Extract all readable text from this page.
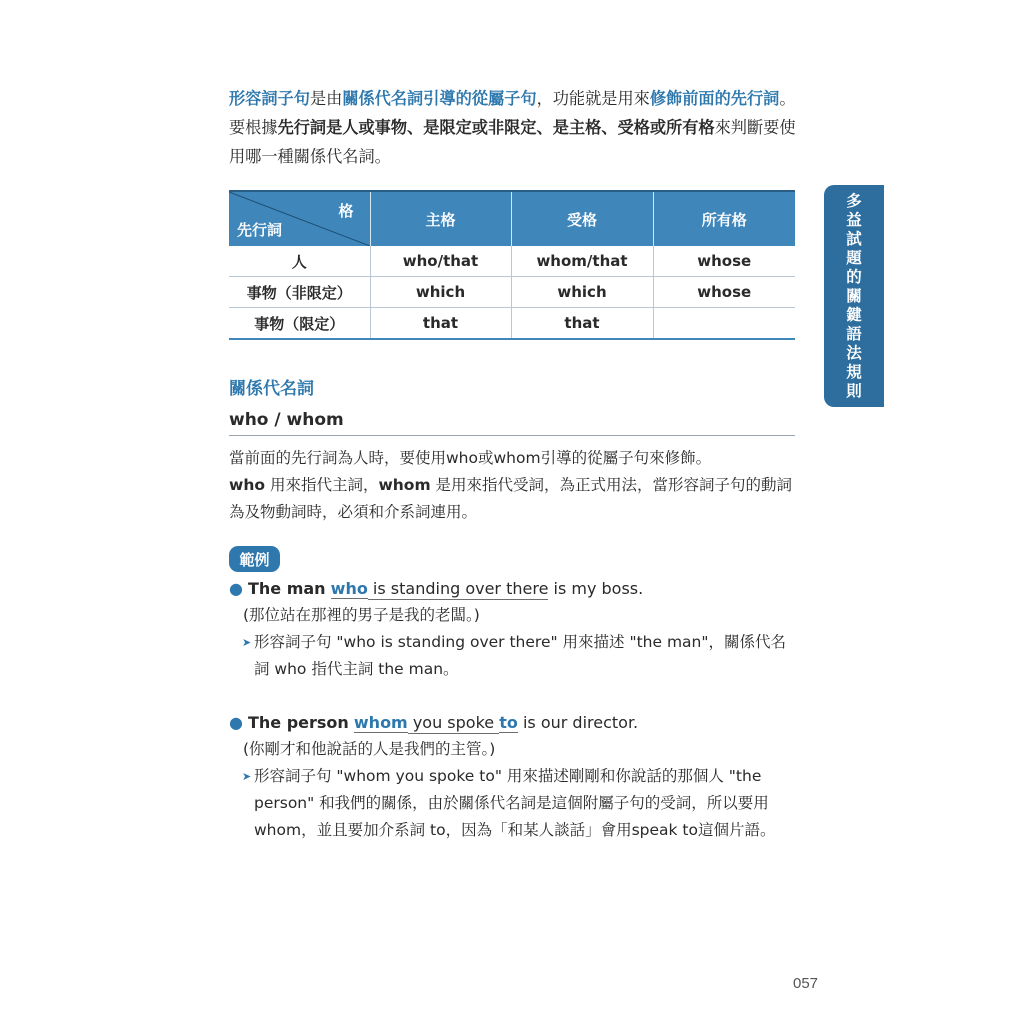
形容詞子句是由關係代名詞引導的從屬子句，功能就是用來修飾前面的先行詞。要根據先行詞是人或事物、是限定或非限定、是主格、受格或所有格來判斷要使用哪一種關係代名詞。

格
先行詞	主格	受格	所有格
人	who/that	whom/that	whose
事物（非限定）	which	which	whose
事物（限定）	that	that	
多
益
試
題
的
關
鍵
語
法
規
則
關係代名詞
who / whom

當前面的先行詞為人時，要使用who或whom引導的從屬子句來修飾。
who 用來指代主詞，whom 是用來指代受詞，為正式用法，當形容詞子句的動詞為及物動詞時，必須和介系詞連用。

範例
● The man who is standing over there is my boss.
(那位站在那裡的男子是我的老闆。)
➤ 形容詞子句 "who is standing over there" 用來描述 "the man"，關係代名詞 who 指代主詞 the man。
● The person whom you spoke to is our director.
(你剛才和他說話的人是我們的主管。)
➤ 形容詞子句 "whom you spoke to" 用來描述剛剛和你說話的那個人 "the person" 和我們的關係，由於關係代名詞是這個附屬子句的受詞，所以要用whom，並且要加介系詞 to，因為「和某人談話」會用speak to這個片語。
057
